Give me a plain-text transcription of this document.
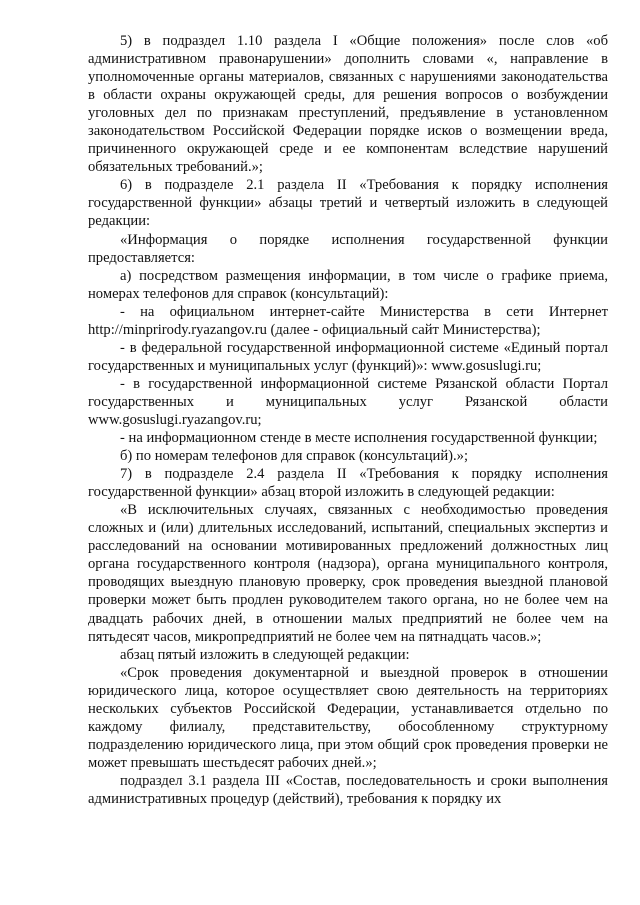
5) в подраздел 1.10 раздела I «Общие положения» после слов «об административном правонарушении» дополнить словами «, направление в уполномоченные органы материалов, связанных с нарушениями законодательства в области охраны окружающей среды, для решения вопросов о возбуждении уголовных дел по признакам преступлений, предъявление в установленном законодательством Российской Федерации порядке исков о возмещении вреда, причиненного окружающей среде и ее компонентам вследствие нарушений обязательных требований.»;

6) в подразделе 2.1 раздела II «Требования к порядку исполнения государственной функции» абзацы третий и четвертый изложить в следующей редакции:

«Информация о порядке исполнения государственной функции предоставляется:

а) посредством размещения информации, в том числе о графике приема, номерах телефонов для справок (консультаций):

- на официальном интернет-сайте Министерства в сети Интернет http://minprirody.ryazangov.ru (далее - официальный сайт Министерства);

- в федеральной государственной информационной системе «Единый портал государственных и муниципальных услуг (функций)»: www.gosuslugi.ru;

- в государственной информационной системе Рязанской области Портал государственных и муниципальных услуг Рязанской области www.gosuslugi.ryazangov.ru;

- на информационном стенде в месте исполнения государственной функции;

б) по номерам телефонов для справок (консультаций).»;

7) в подразделе 2.4 раздела II «Требования к порядку исполнения государственной функции» абзац второй изложить в следующей редакции:

«В исключительных случаях, связанных с необходимостью проведения сложных и (или) длительных исследований, испытаний, специальных экспертиз и расследований на основании мотивированных предложений должностных лиц органа государственного контроля (надзора), органа муниципального контроля, проводящих выездную плановую проверку, срок проведения выездной плановой проверки может быть продлен руководителем такого органа, но не более чем на двадцать рабочих дней, в отношении малых предприятий не более чем на пятьдесят часов, микропредприятий не более чем на пятнадцать часов.»;

абзац пятый изложить в следующей редакции:

«Срок проведения документарной и выездной проверок в отношении юридического лица, которое осуществляет свою деятельность на территориях нескольких субъектов Российской Федерации, устанавливается отдельно по каждому филиалу, представительству, обособленному структурному подразделению юридического лица, при этом общий срок проведения проверки не может превышать шестьдесят рабочих дней.»;

подраздел 3.1 раздела III «Состав, последовательность и сроки выполнения административных процедур (действий), требования к порядку их
